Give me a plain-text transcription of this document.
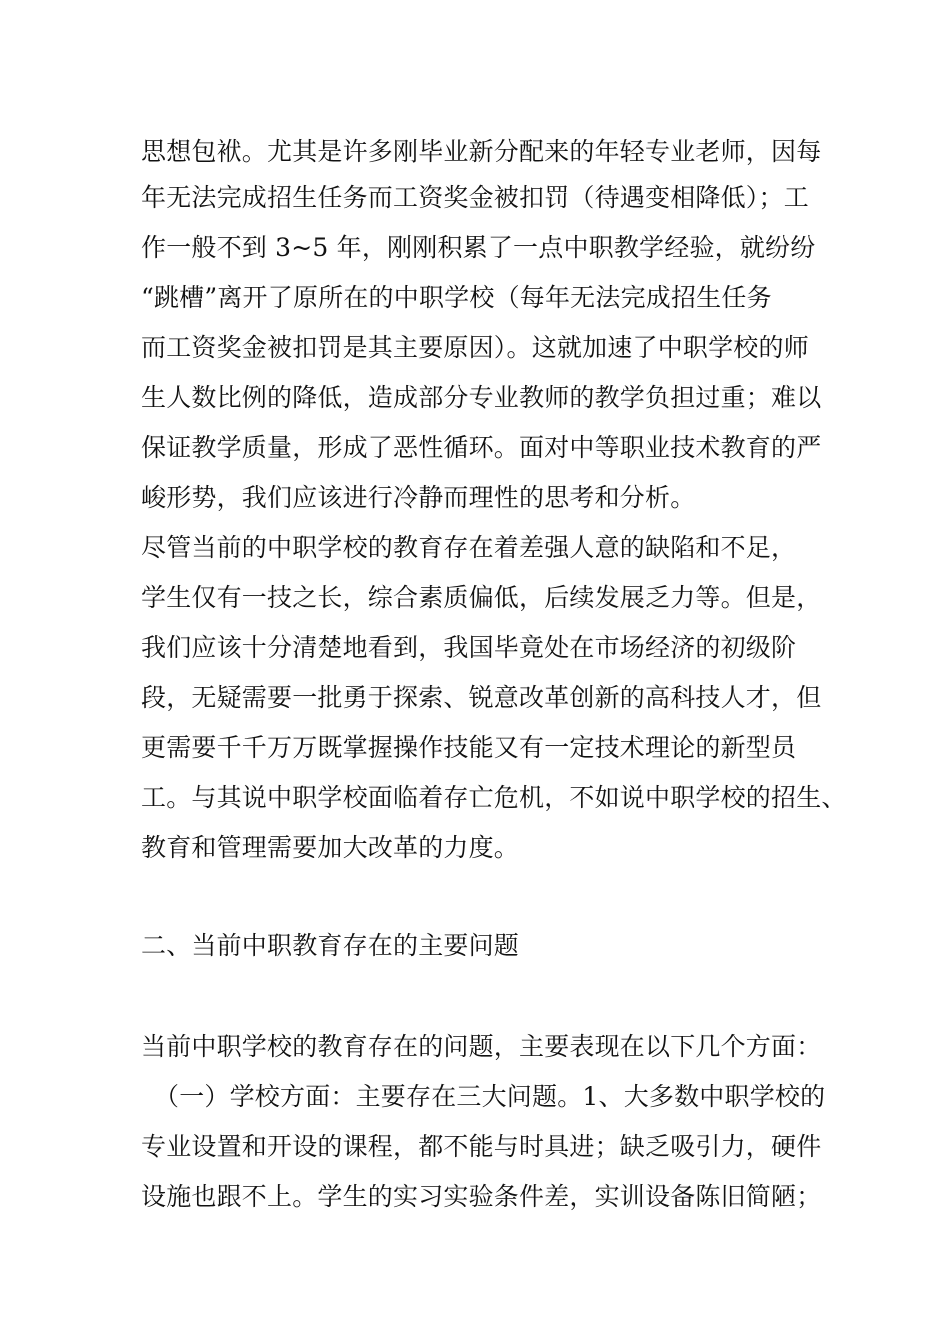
思想包袱。尤其是许多刚毕业新分配来的年轻专业老师，因每
年无法完成招生任务而工资奖金被扣罚（待遇变相降低）；工
作一般不到 3~5 年，刚刚积累了一点中职教学经验，就纷纷
“跳槽”离开了原所在的中职学校（每年无法完成招生任务
而工资奖金被扣罚是其主要原因）。这就加速了中职学校的师
生人数比例的降低，造成部分专业教师的教学负担过重；难以
保证教学质量，形成了恶性循环。面对中等职业技术教育的严
峻形势，我们应该进行冷静而理性的思考和分析。
尽管当前的中职学校的教育存在着差强人意的缺陷和不足，
学生仅有一技之长，综合素质偏低，后续发展乏力等。但是，
我们应该十分清楚地看到，我国毕竟处在市场经济的初级阶
段，无疑需要一批勇于探索、锐意改革创新的高科技人才，但
更需要千千万万既掌握操作技能又有一定技术理论的新型员
工。与其说中职学校面临着存亡危机，不如说中职学校的招生、
教育和管理需要加大改革的力度。
二、当前中职教育存在的主要问题
当前中职学校的教育存在的问题，主要表现在以下几个方面：
（一）学校方面：主要存在三大问题。1、大多数中职学校的
专业设置和开设的课程，都不能与时具进；缺乏吸引力，硬件
设施也跟不上。学生的实习实验条件差，实训设备陈旧简陋；
